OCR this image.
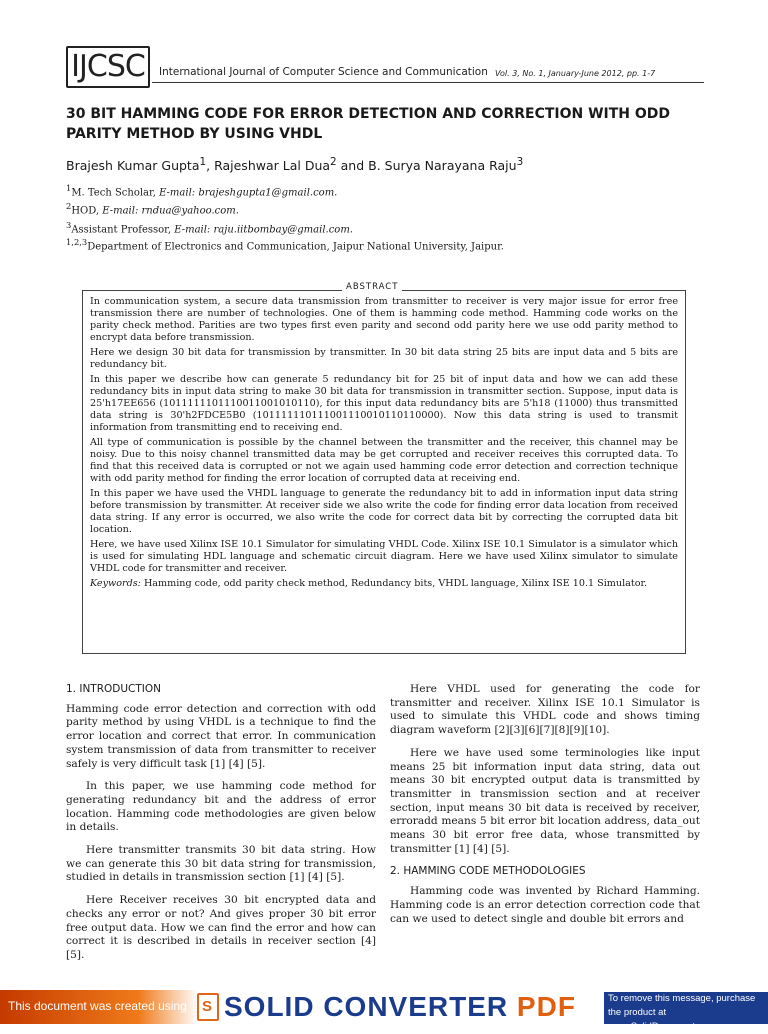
IJCSC	International Journal of Computer Science and Communication Vol. 3, No. 1, January-June 2012, pp. 1-7
30 BIT HAMMING CODE FOR ERROR DETECTION AND CORRECTION WITH ODD PARITY METHOD BY USING VHDL
Brajesh Kumar Gupta$^1$, Rajeshwar Lal Dua$^2$ and B. Surya Narayana Raju$^3$
$^1$M. Tech Scholar, E-mail: brajeshgupta1@gmail.com.
$^2$HOD, E-mail: rndua@yahoo.com.
$^3$Assistant Professor, E-mail: raju.iitbombay@gmail.com.
$^{1,2,3}$Department of Electronics and Communication, Jaipur National University, Jaipur.
ABSTRACT

In communication system, a secure data transmission from transmitter to receiver is very major issue for error free transmission there are number of technologies. One of them is hamming code method. Hamming code works on the parity check method. Parities are two types first even parity and second odd parity here we use odd parity method to encrypt data before transmission.

Here we design 30 bit data for transmission by transmitter. In 30 bit data string 25 bits are input data and 5 bits are redundancy bit.

In this paper we describe how can generate 5 redundancy bit for 25 bit of input data and how we can add these redundancy bits in input data string to make 30 bit data for transmission in transmitter section. Suppose, input data is 25'h17EE656 (1011111101110011001010110), for this input data redundancy bits are 5'h18 (11000) thus transmitted data string is 30'h2FDCE5B0 (101111110111001110010110110000). Now this data string is used to transmit information from transmitting end to receiving end.

All type of communication is possible by the channel between the transmitter and the receiver, this channel may be noisy. Due to this noisy channel transmitted data may be get corrupted and receiver receives this corrupted data. To find that this received data is corrupted or not we again used hamming code error detection and correction technique with odd parity method for finding the error location of corrupted data at receiving end.

In this paper we have used the VHDL language to generate the redundancy bit to add in information input data string before transmission by transmitter. At receiver side we also write the code for finding error data location from received data string. If any error is occurred, we also write the code for correct data bit by correcting the corrupted data bit location.

Here, we have used Xilinx ISE 10.1 Simulator for simulating VHDL Code. Xilinx ISE 10.1 Simulator is a simulator which is used for simulating HDL language and schematic circuit diagram. Here we have used Xilinx simulator to simulate VHDL code for transmitter and receiver.

Keywords: Hamming code, odd parity check method, Redundancy bits, VHDL language, Xilinx ISE 10.1 Simulator.

1. INTRODUCTION

Hamming code error detection and correction with odd parity method by using VHDL is a technique to find the error location and correct that error. In communication system transmission of data from transmitter to receiver safely is very difficult task [1] [4] [5].

In this paper, we use hamming code method for generating redundancy bit and the address of error location. Hamming code methodologies are given below in details.

Here transmitter transmits 30 bit data string. How we can generate this 30 bit data string for transmission, studied in details in transmission section [1] [4] [5].

Here Receiver receives 30 bit encrypted data and checks any error or not? And gives proper 30 bit error free output data. How we can find the error and how can correct it is described in details in receiver section [4][5].

Here VHDL used for generating the code for transmitter and receiver. Xilinx ISE 10.1 Simulator is used to simulate this VHDL code and shows timing diagram waveform [2][3][6][7][8][9][10].

Here we have used some terminologies like input means 25 bit information input data string, data out means 30 bit encrypted output data is transmitted by transmitter in transmission section and at receiver section, input means 30 bit data is received by receiver, erroradd means 5 bit error bit location address, data_out means 30 bit error free data, whose transmitted by transmitter [1] [4] [5].

2. HAMMING CODE METHODOLOGIES

Hamming code was invented by Richard Hamming. Hamming code is an error detection correction code that can we used to detect single and double bit errors and

This document was created using
S SOLID CONVERTER PDF	To remove this message, purchase the product at www.SolidDocuments.com
